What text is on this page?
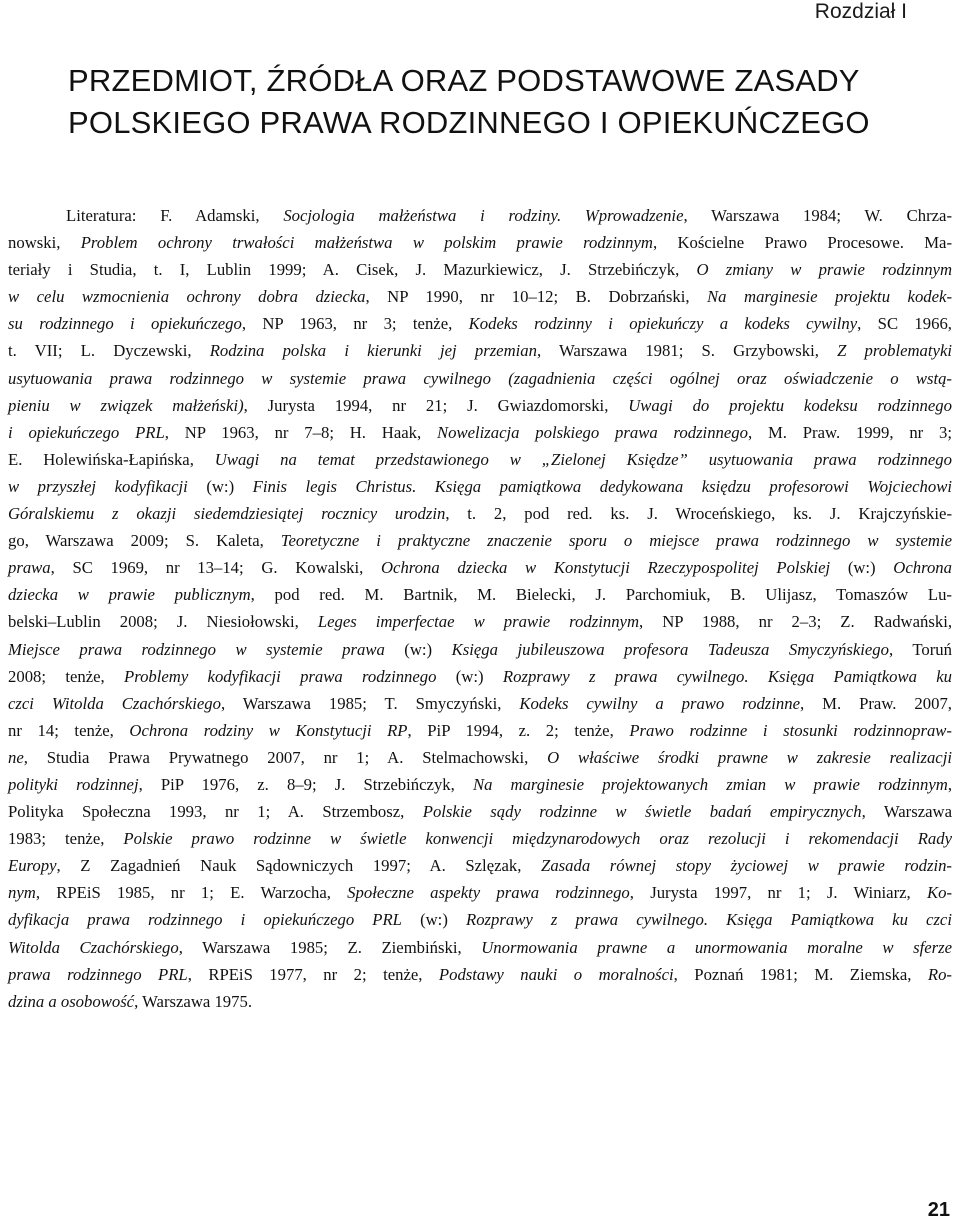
Rozdział I
PRZEDMIOT, ŹRÓDŁA ORAZ PODSTAWOWE ZASADY
POLSKIEGO PRAWA RODZINNEGO I OPIEKUŃCZEGO
Literatura: F. Adamski, Socjologia małżeństwa i rodziny. Wprowadzenie, Warszawa 1984; W. Chrza-
nowski, Problem ochrony trwałości małżeństwa w polskim prawie rodzinnym, Kościelne Prawo Procesowe. Ma-
teriały i Studia, t. I, Lublin 1999; A. Cisek, J. Mazurkiewicz, J. Strzebińczyk, O zmiany w prawie rodzinnym
w celu wzmocnienia ochrony dobra dziecka, NP 1990, nr 10–12; B. Dobrzański, Na marginesie projektu kodek-
su rodzinnego i opiekuńczego, NP 1963, nr 3; tenże, Kodeks rodzinny i opiekuńczy a kodeks cywilny, SC 1966,
t. VII; L. Dyczewski, Rodzina polska i kierunki jej przemian, Warszawa 1981; S. Grzybowski, Z problematyki
usytuowania prawa rodzinnego w systemie prawa cywilnego (zagadnienia części ogólnej oraz oświadczenie o wstą-
pieniu w związek małżeński), Jurysta 1994, nr 21; J. Gwiazdomorski, Uwagi do projektu kodeksu rodzinnego
i opiekuńczego PRL, NP 1963, nr 7–8; H. Haak, Nowelizacja polskiego prawa rodzinnego, M. Praw. 1999, nr 3;
E. Holewińska-Łapińska, Uwagi na temat przedstawionego w „Zielonej Księdze” usytuowania prawa rodzinnego
w przyszłej kodyfikacji (w:) Finis legis Christus. Księga pamiątkowa dedykowana księdzu profesorowi Wojciechowi
Góralskiemu z okazji siedemdziesiątej rocznicy urodzin, t. 2, pod red. ks. J. Wroceńskiego, ks. J. Krajczyńskie-
go, Warszawa 2009; S. Kaleta, Teoretyczne i praktyczne znaczenie sporu o miejsce prawa rodzinnego w systemie
prawa, SC 1969, nr 13–14; G. Kowalski, Ochrona dziecka w Konstytucji Rzeczypospolitej Polskiej (w:) Ochrona
dziecka w prawie publicznym, pod red. M. Bartnik, M. Bielecki, J. Parchomiuk, B. Ulijasz, Tomaszów Lu-
belski–Lublin 2008; J. Niesiołowski, Leges imperfectae w prawie rodzinnym, NP 1988, nr 2–3; Z. Radwański,
Miejsce prawa rodzinnego w systemie prawa (w:) Księga jubileuszowa profesora Tadeusza Smyczyńskiego, Toruń
2008; tenże, Problemy kodyfikacji prawa rodzinnego (w:) Rozprawy z prawa cywilnego. Księga Pamiątkowa ku
czci Witolda Czachórskiego, Warszawa 1985; T. Smyczyński, Kodeks cywilny a prawo rodzinne, M. Praw. 2007,
nr 14; tenże, Ochrona rodziny w Konstytucji RP, PiP 1994, z. 2; tenże, Prawo rodzinne i stosunki rodzinnopraw-
ne, Studia Prawa Prywatnego 2007, nr 1; A. Stelmachowski, O właściwe środki prawne w zakresie realizacji
polityki rodzinnej, PiP 1976, z. 8–9; J. Strzebińczyk, Na marginesie projektowanych zmian w prawie rodzinnym,
Polityka Społeczna 1993, nr 1; A. Strzembosz, Polskie sądy rodzinne w świetle badań empirycznych, Warszawa
1983; tenże, Polskie prawo rodzinne w świetle konwencji międzynarodowych oraz rezolucji i rekomendacji Rady
Europy, Z Zagadnień Nauk Sądowniczych 1997; A. Szlęzak, Zasada równej stopy życiowej w prawie rodzin-
nym, RPEiS 1985, nr 1; E. Warzocha, Społeczne aspekty prawa rodzinnego, Jurysta 1997, nr 1; J. Winiarz, Ko-
dyfikacja prawa rodzinnego i opiekuńczego PRL (w:) Rozprawy z prawa cywilnego. Księga Pamiątkowa ku czci
Witolda Czachórskiego, Warszawa 1985; Z. Ziembiński, Unormowania prawne a unormowania moralne w sferze
prawa rodzinnego PRL, RPEiS 1977, nr 2; tenże, Podstawy nauki o moralności, Poznań 1981; M. Ziemska, Ro-
dzina a osobowość, Warszawa 1975.
21
